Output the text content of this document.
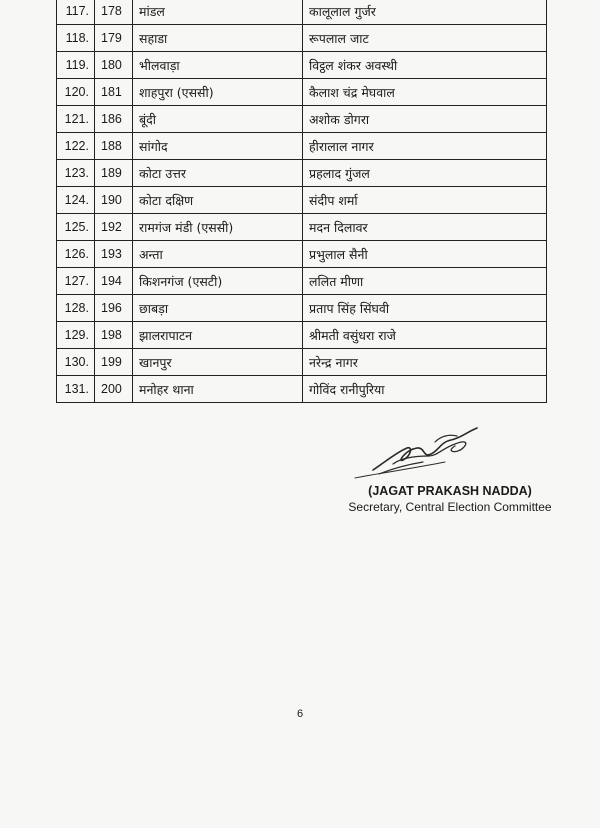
117.	178	मांडल	कालूलाल गुर्जर
118.	179	सहाडा	रूपलाल जाट
119.	180	भीलवाड़ा	विट्ठल शंकर अवस्थी
120.	181	शाहपुरा (एससी)	कैलाश चंद्र मेघवाल
121.	186	बूंदी	अशोक डोगरा
122.	188	सांगोद	हीरालाल नागर
123.	189	कोटा उत्तर	प्रहलाद गुंजल
124.	190	कोटा दक्षिण	संदीप शर्मा
125.	192	रामगंज मंडी (एससी)	मदन दिलावर
126.	193	अन्ता	प्रभुलाल सैनी
127.	194	किशनगंज (एसटी)	ललित मीणा
128.	196	छाबड़ा	प्रताप सिंह सिंघवी
129.	198	झालरापाटन	श्रीमती वसुंधरा राजे
130.	199	खानपुर	नरेन्द्र नागर
131.	200	मनोहर थाना	गोविंद रानीपुरिया
(JAGAT PRAKASH NADDA)
Secretary, Central Election Committee
6
